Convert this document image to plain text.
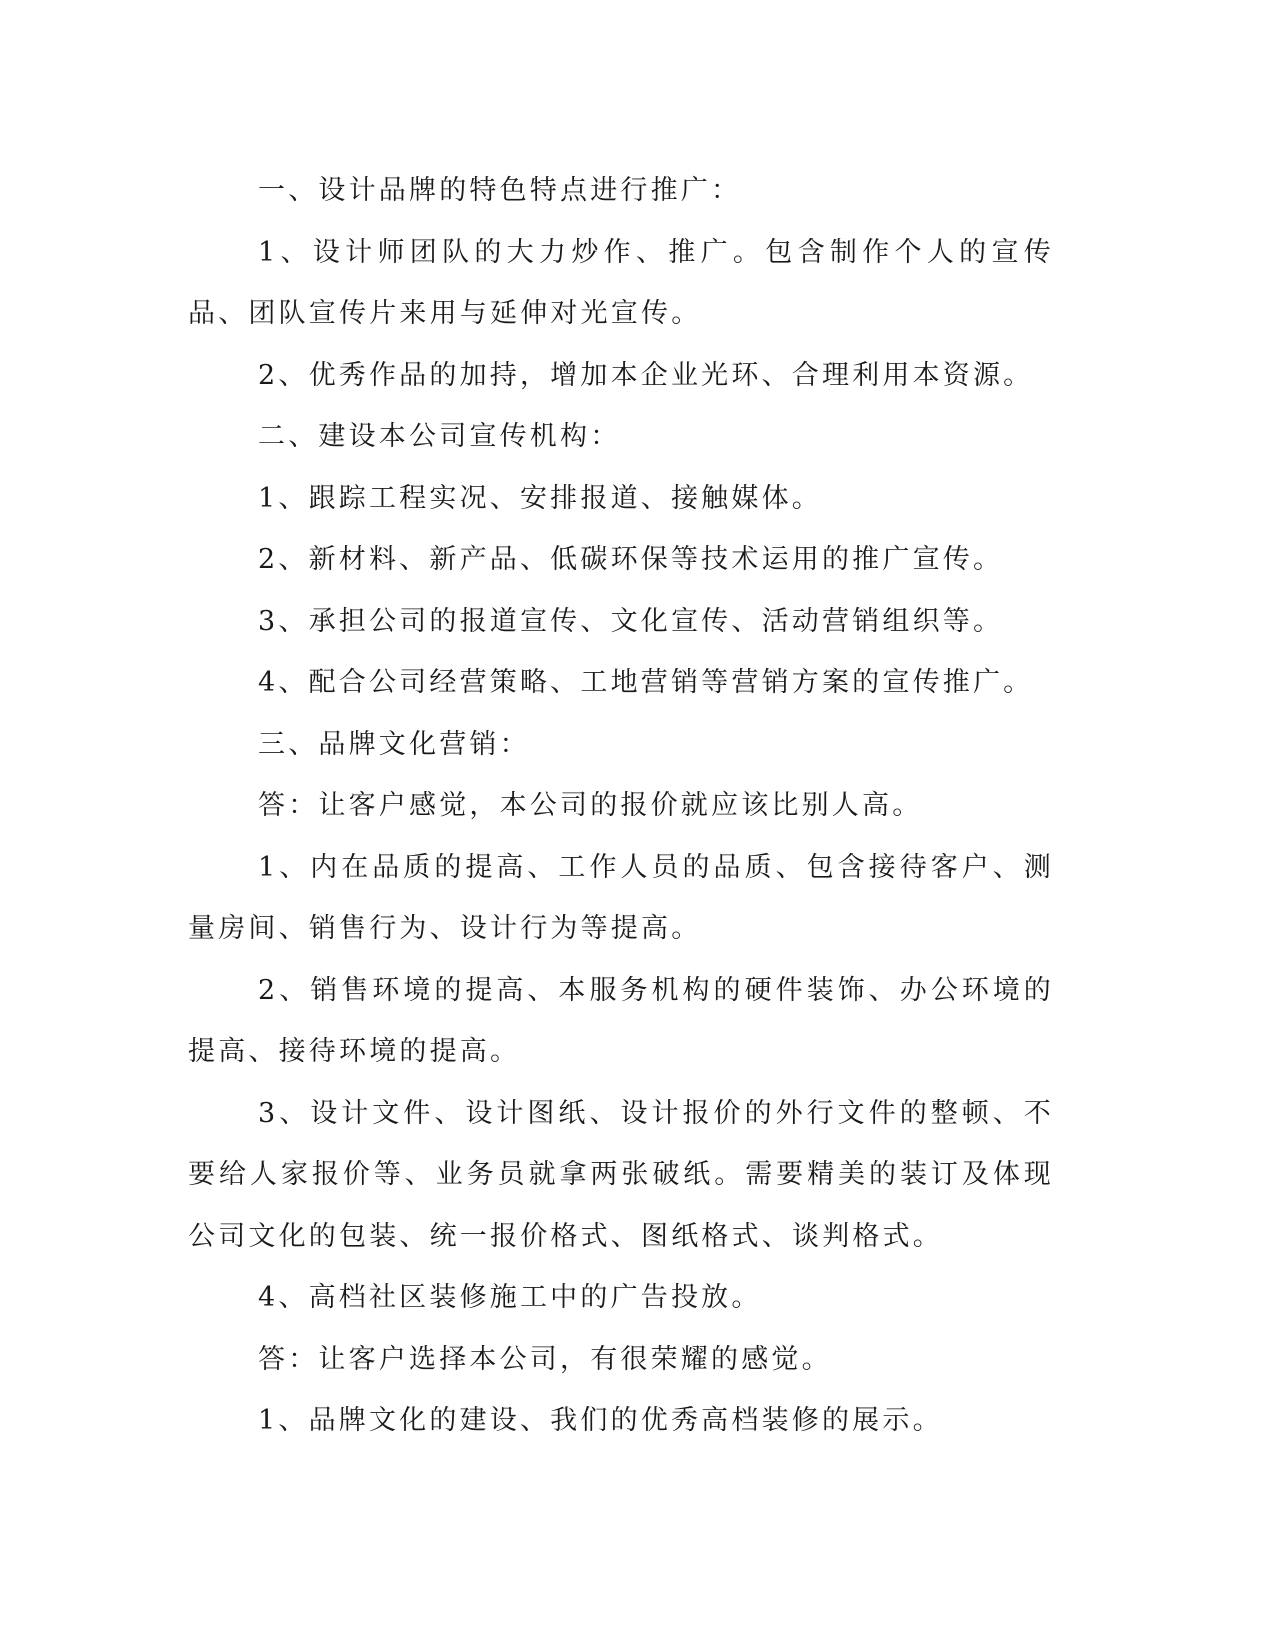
一、设计品牌的特色特点进行推广：

1、设计师团队的大力炒作、推广。包含制作个人的宣传品、团队宣传片来用与延伸对光宣传。

2、优秀作品的加持，增加本企业光环、合理利用本资源。

二、建设本公司宣传机构：

1、跟踪工程实况、安排报道、接触媒体。

2、新材料、新产品、低碳环保等技术运用的推广宣传。

3、承担公司的报道宣传、文化宣传、活动营销组织等。

4、配合公司经营策略、工地营销等营销方案的宣传推广。

三、品牌文化营销：

答：让客户感觉，本公司的报价就应该比别人高。

1、内在品质的提高、工作人员的品质、包含接待客户、测量房间、销售行为、设计行为等提高。

2、销售环境的提高、本服务机构的硬件装饰、办公环境的提高、接待环境的提高。

3、设计文件、设计图纸、设计报价的外行文件的整顿、不要给人家报价等、业务员就拿两张破纸。需要精美的装订及体现公司文化的包装、统一报价格式、图纸格式、谈判格式。

4、高档社区装修施工中的广告投放。

答：让客户选择本公司，有很荣耀的感觉。

1、品牌文化的建设、我们的优秀高档装修的展示。
